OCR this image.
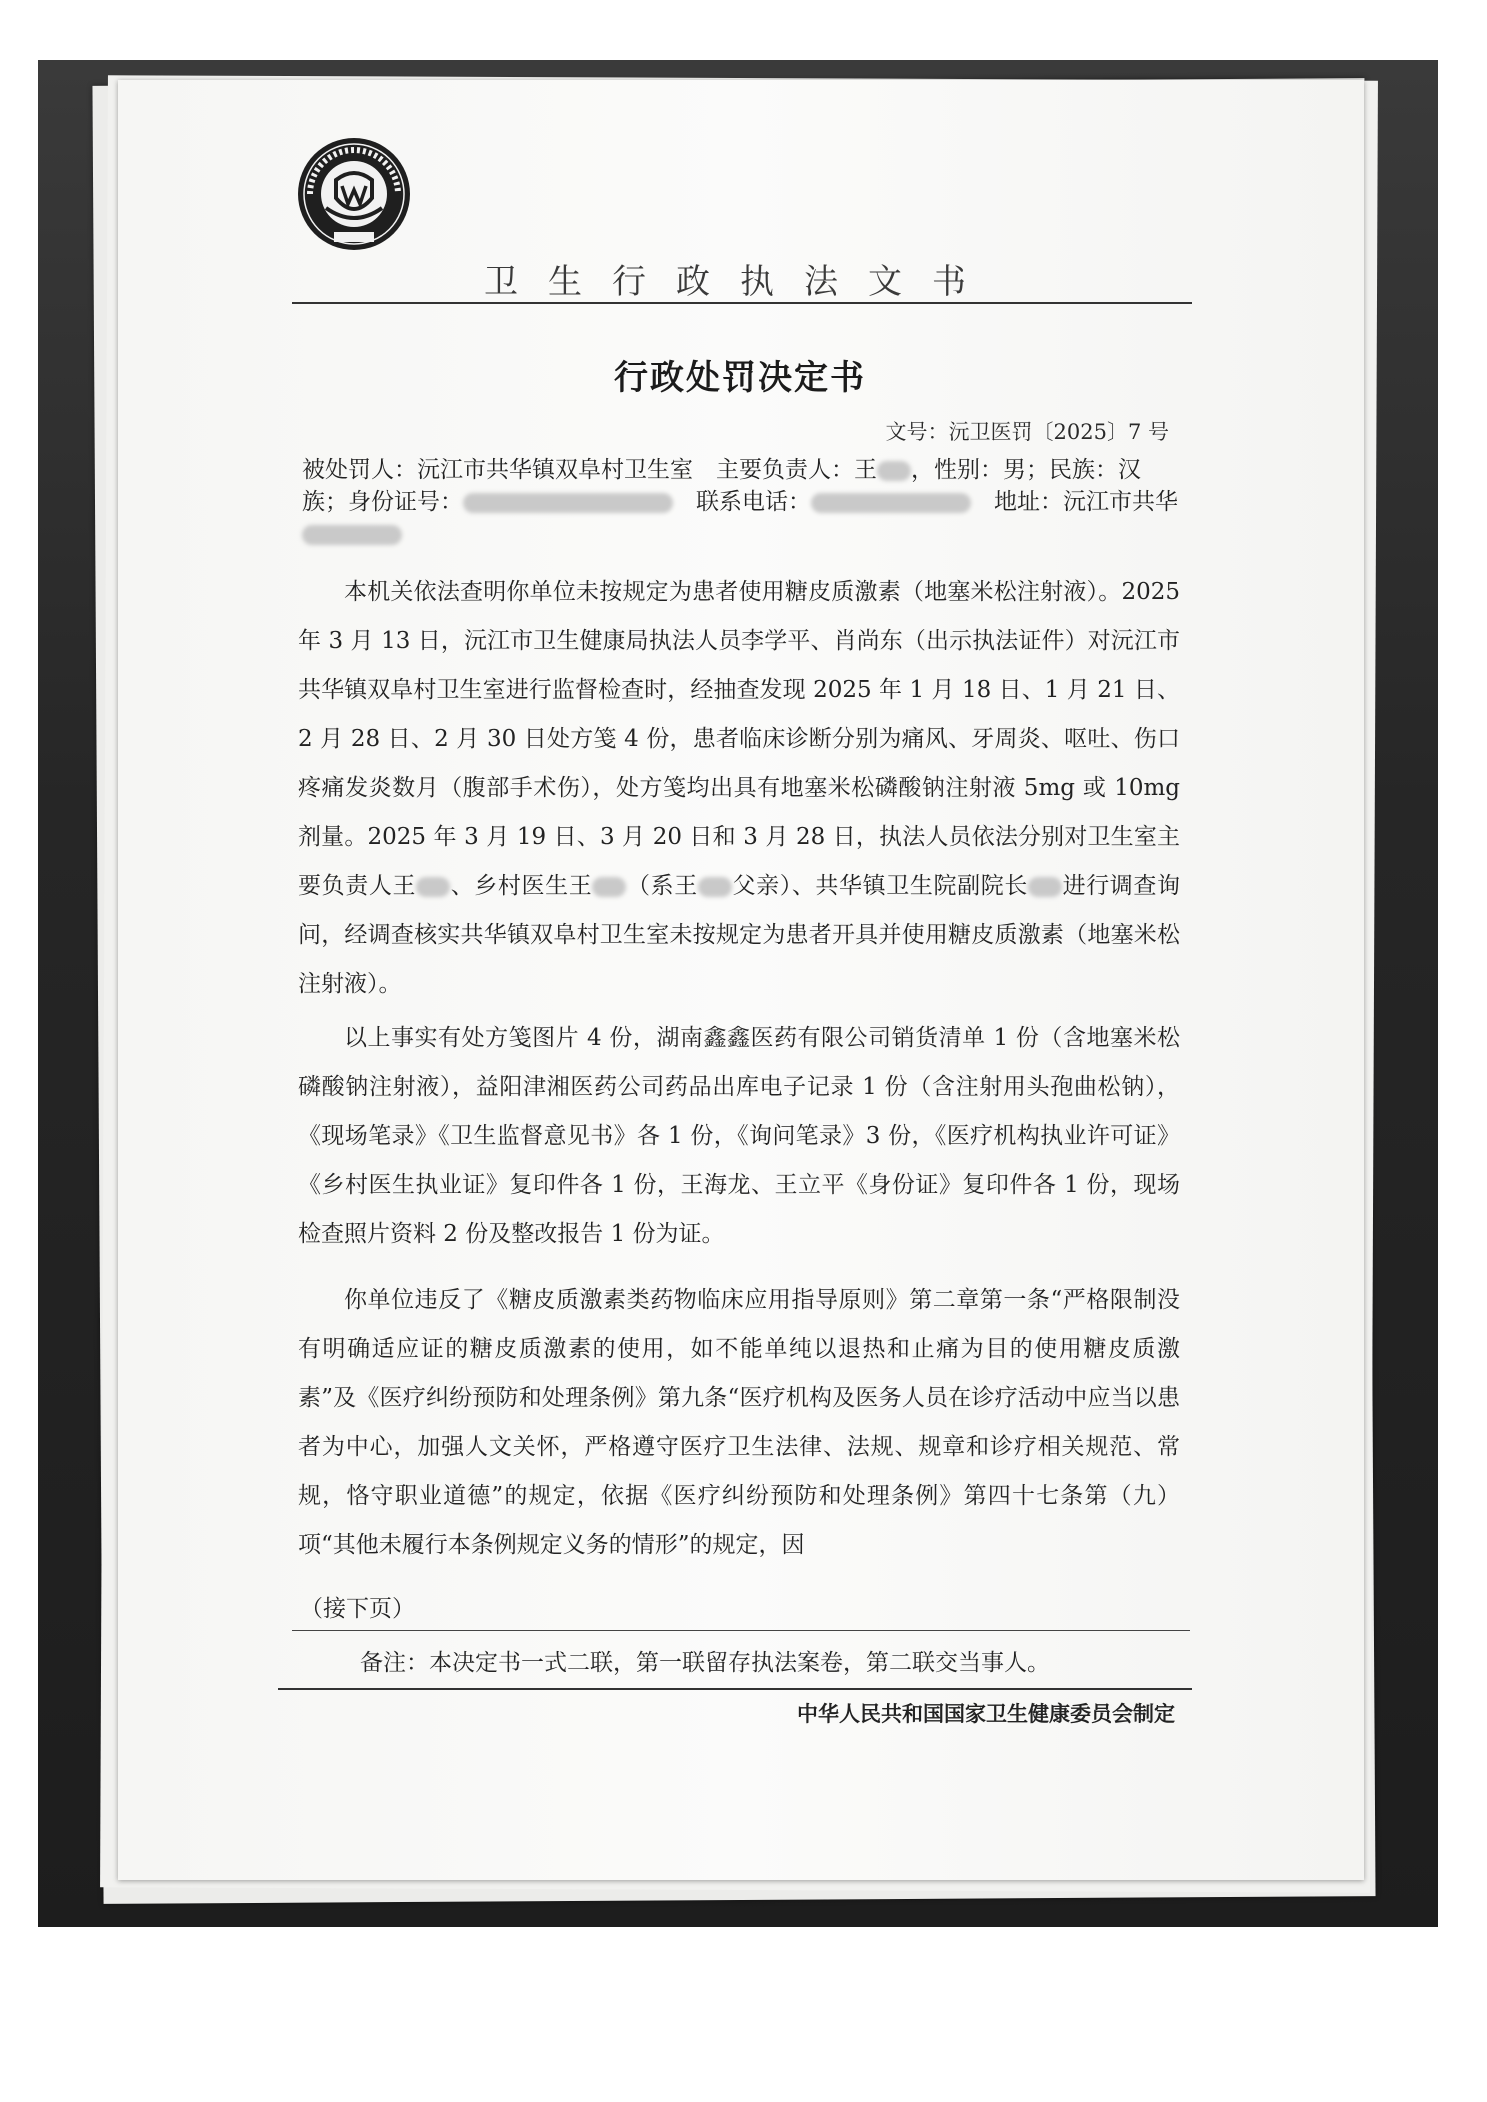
卫生行政执法文书
行政处罚决定书
文号：沅卫医罚〔2025〕7 号
被处罚人：沅江市共华镇双阜村卫生室　主要负责人：王 ，性别：男；民族：汉族；身份证号：　	联系电话：　	地址：沅江市共华
本机关依法查明你单位未按规定为患者使用糖皮质激素（地塞米松注射液）。2025 年 3 月 13 日，沅江市卫生健康局执法人员李学平、肖尚东（出示执法证件）对沅江市共华镇双阜村卫生室进行监督检查时，经抽查发现 2025 年 1 月 18 日、1 月 21 日、2 月 28 日、2 月 30 日处方笺 4 份，患者临床诊断分别为痛风、牙周炎、呕吐、伤口疼痛发炎数月（腹部手术伤），处方笺均出具有地塞米松磷酸钠注射液 5mg 或 10mg 剂量。2025 年 3 月 19 日、3 月 20 日和 3 月 28 日，执法人员依法分别对卫生室主要负责人王 、乡村医生王 （系王 父亲）、共华镇卫生院副院长 进行调查询问，经调查核实共华镇双阜村卫生室未按规定为患者开具并使用糖皮质激素（地塞米松注射液）。
以上事实有处方笺图片 4 份，湖南鑫鑫医药有限公司销货清单 1 份（含地塞米松磷酸钠注射液），益阳津湘医药公司药品出库电子记录 1 份（含注射用头孢曲松钠），《现场笔录》《卫生监督意见书》各 1 份，《询问笔录》3 份，《医疗机构执业许可证》《乡村医生执业证》复印件各 1 份，王海龙、王立平《身份证》复印件各 1 份，现场检查照片资料 2 份及整改报告 1 份为证。
你单位违反了《糖皮质激素类药物临床应用指导原则》第二章第一条“严格限制没有明确适应证的糖皮质激素的使用，如不能单纯以退热和止痛为目的使用糖皮质激素”及《医疗纠纷预防和处理条例》第九条“医疗机构及医务人员在诊疗活动中应当以患者为中心，加强人文关怀，严格遵守医疗卫生法律、法规、规章和诊疗相关规范、常规，恪守职业道德”的规定，依据《医疗纠纷预防和处理条例》第四十七条第（九）项“其他未履行本条例规定义务的情形”的规定，因
（接下页）
备注：本决定书一式二联，第一联留存执法案卷，第二联交当事人。
中华人民共和国国家卫生健康委员会制定
